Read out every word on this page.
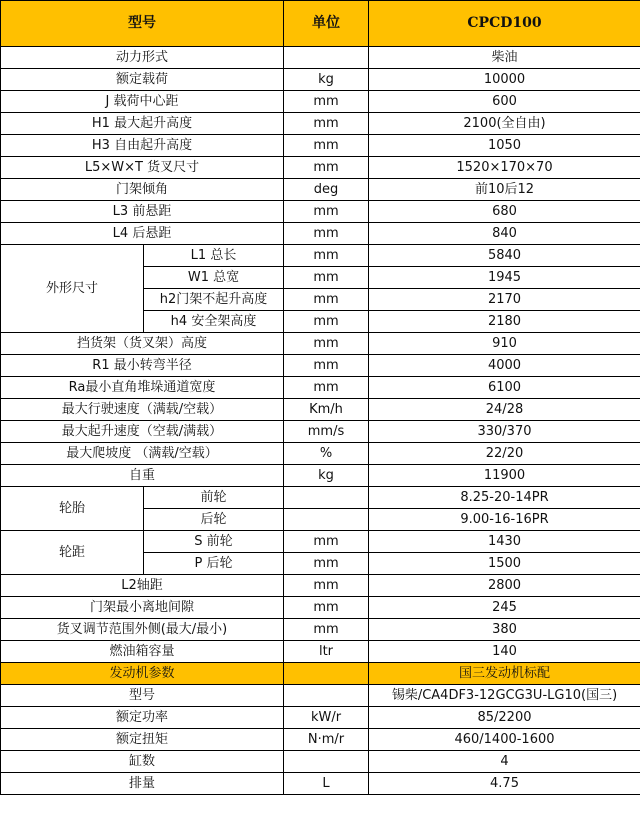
型号		单位	CPCD100
动力形式			柴油
额定载荷		kg	10000
J 载荷中心距		mm	600
H1 最大起升高度		mm	2100(全自由)
H3 自由起升高度		mm	1050
L5×W×T 货叉尺寸		mm	1520×170×70
门架倾角		deg	前10后12
L3 前悬距		mm	680
L4 后悬距		mm	840
外形尺寸	L1 总长	mm	5840
	W1 总宽	mm	1945
	h2门架不起升高度	mm	2170
	h4 安全架高度	mm	2180
挡货架（货叉架）高度		mm	910
R1 最小转弯半径		mm	4000
Ra最小直角堆垛通道宽度		mm	6100
最大行驶速度（满载/空载）		Km/h	24/28
最大起升速度（空载/满载）		mm/s	330/370
最大爬坡度 （满载/空载）		%	22/20
自重		kg	11900
轮胎	前轮		8.25-20-14PR
	后轮		9.00-16-16PR
轮距	S 前轮	mm	1430
	P 后轮	mm	1500
L2轴距		mm	2800
门架最小离地间隙		mm	245
货叉调节范围外侧(最大/最小)		mm	380
燃油箱容量		ltr	140
发动机参数			国三发动机标配
型号			锡柴/CA4DF3-12GCG3U-LG10(国三)
额定功率		kW/r	85/2200
额定扭矩		N·m/r	460/1400-1600
缸数			4
排量		L	4.75
